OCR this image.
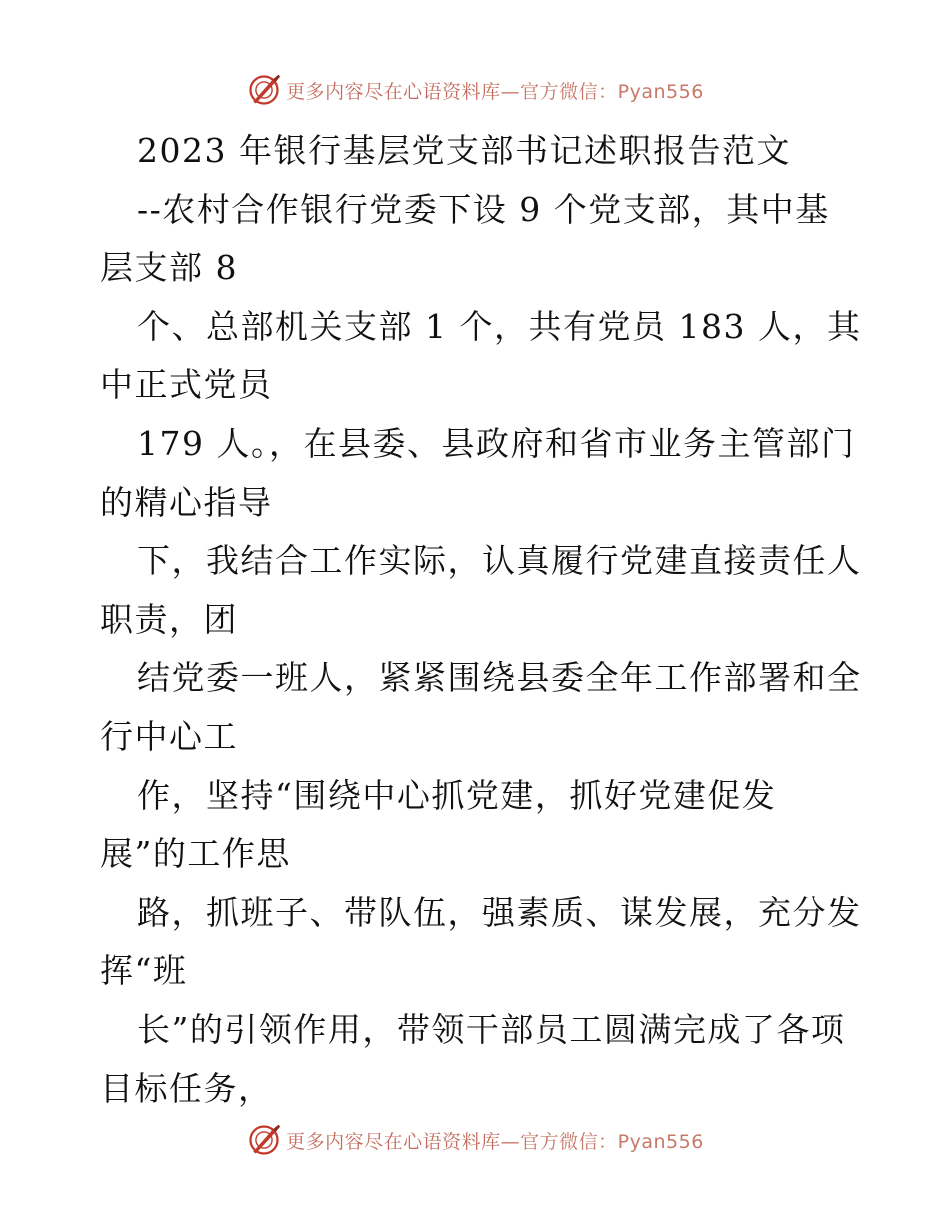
更多内容尽在心语资料库—官方微信：Pyan556
2023 年银行基层党支部书记述职报告范文
--农村合作银行党委下设 9 个党支部，其中基
层支部 8
个、总部机关支部 1 个，共有党员 183 人，其
中正式党员
179 人。，在县委、县政府和省市业务主管部门
的精心指导
下，我结合工作实际，认真履行党建直接责任人
职责，团
结党委一班人，紧紧围绕县委全年工作部署和全
行中心工
作，坚持“围绕中心抓党建，抓好党建促发
展”的工作思
路，抓班子、带队伍，强素质、谋发展，充分发
挥“班
长”的引领作用，带领干部员工圆满完成了各项
目标任务，
更多内容尽在心语资料库—官方微信：Pyan556
